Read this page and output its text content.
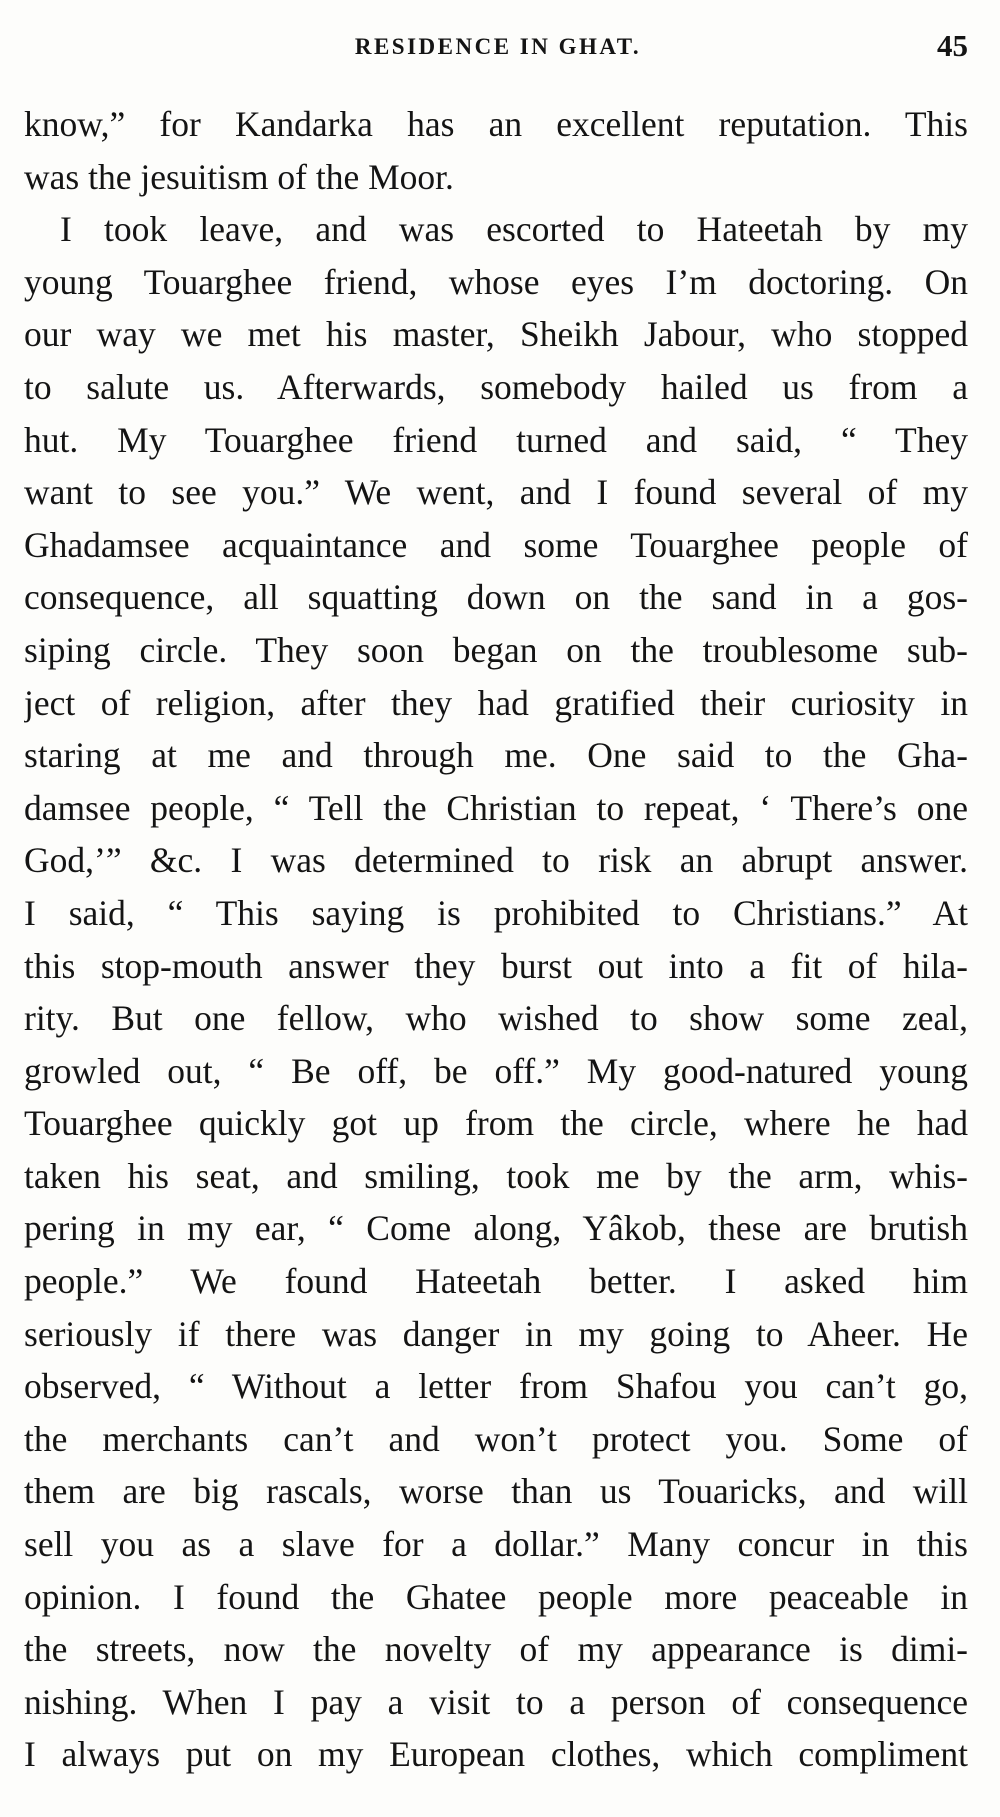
RESIDENCE IN GHAT.	45
know,” for Kandarka has an excellent reputation. This
was the jesuitism of the Moor.
I took leave, and was escorted to Hateetah by my
young Touarghee friend, whose eyes I’m doctoring. On
our way we met his master, Sheikh Jabour, who stopped
to salute us. Afterwards, somebody hailed us from a
hut. My Touarghee friend turned and said, “ They
want to see you.” We went, and I found several of my
Ghadamsee acquaintance and some Touarghee people of
consequence, all squatting down on the sand in a gos-
siping circle. They soon began on the troublesome sub-
ject of religion, after they had gratified their curiosity in
staring at me and through me. One said to the Gha-
damsee people, “ Tell the Christian to repeat, ‘ There’s one
God,’” &c. I was determined to risk an abrupt answer.
I said, “ This saying is prohibited to Christians.” At
this stop-mouth answer they burst out into a fit of hila-
rity. But one fellow, who wished to show some zeal,
growled out, “ Be off, be off.” My good-natured young
Touarghee quickly got up from the circle, where he had
taken his seat, and smiling, took me by the arm, whis-
pering in my ear, “ Come along, Yâkob, these are brutish
people.” We found Hateetah better. I asked him
seriously if there was danger in my going to Aheer. He
observed, “ Without a letter from Shafou you can’t go,
the merchants can’t and won’t protect you. Some of
them are big rascals, worse than us Touaricks, and will
sell you as a slave for a dollar.” Many concur in this
opinion. I found the Ghatee people more peaceable in
the streets, now the novelty of my appearance is dimi-
nishing. When I pay a visit to a person of consequence
I always put on my European clothes, which compliment
